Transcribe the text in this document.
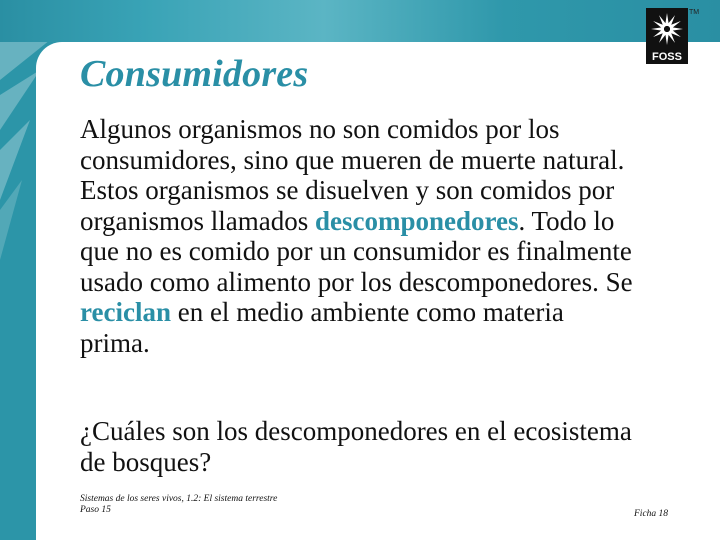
Consumidores

Algunos organismos no son comidos por los consumidores, sino que mueren de muerte natural. Estos organismos se disuelven y son comidos por organismos llamados descomponedores. Todo lo que no es comido por un consumidor es finalmente usado como alimento por los descomponedores. Se reciclan en el medio ambiente como materia prima.

¿Cuáles son los descomponedores en el ecosistema de bosques?

Sistemas de los seres vivos, 1.2: El sistema terrestre
Paso 15	Ficha 18
FOSS
TM
